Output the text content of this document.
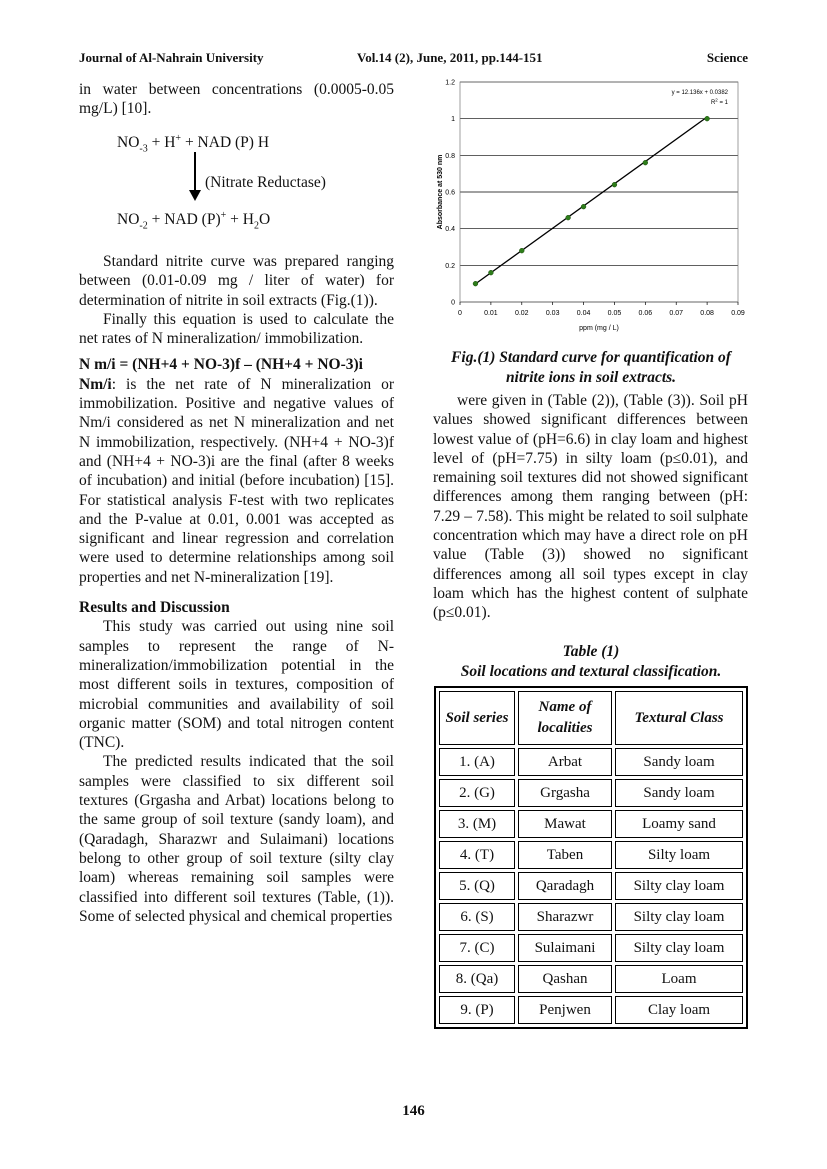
Journal of Al-Nahrain University	Vol.14 (2), June, 2011, pp.144-151	Science

in water between concentrations (0.0005-0.05 mg/L) [10].

$NO_{-3} + H^+$ + NAD (P) H
(Nitrate Reductase)
$NO_{-2}$ + NAD $(P)^+ + H_2O$

Standard nitrite curve was prepared ranging between (0.01-0.09 mg / liter of water) for determination of nitrite in soil extracts (Fig.(1)).

Finally this equation is used to calculate the net rates of N mineralization/ immobilization.

N m/i = (NH+4 + NO-3)f – (NH+4 + NO-3)i

Nm/i: is the net rate of N mineralization or immobilization. Positive and negative values of Nm/i considered as net N mineralization and net N immobilization, respectively. (NH+4 + NO-3)f and (NH+4 + NO-3)i are the final (after 8 weeks of incubation) and initial (before incubation) [15]. For statistical analysis F-test with two replicates and the P-value at 0.01, 0.001 was accepted as significant and linear regression and correlation were used to determine relationships among soil properties and net N-mineralization [19].

Results and Discussion

This study was carried out using nine soil samples to represent the range of N-mineralization/immobilization potential in the most different soils in textures, composition of microbial communities and availability of soil organic matter (SOM) and total nitrogen content (TNC).

The predicted results indicated that the soil samples were classified to six different soil textures (Grgasha and Arbat) locations belong to the same group of soil texture (sandy loam), and (Qaradagh, Sharazwr and Sulaimani) locations belong to other group of soil texture (silty clay loam) whereas remaining soil samples were classified into different soil textures (Table, (1)). Some of selected physical and chemical properties

0
0.2
0.4
0.6
0.8
1
1.2
0	0.01 0.02 0.03 0.04 0.05 0.06 0.07 0.08 0.09
ppm (mg / L)
Absorbance at 530 nm
y = 12.136x + 0.0382
$R^2 = 1$
Fig.(1) Standard curve for quantification of nitrite ions in soil extracts.

were given in (Table (2)), (Table (3)). Soil pH values showed significant differences between lowest value of (pH=6.6) in clay loam and highest level of (pH=7.75) in silty loam (p≤0.01), and remaining soil textures did not showed significant differences among them ranging between (pH: 7.29 – 7.58). This might be related to soil sulphate concentration which may have a direct role on pH value (Table (3)) showed no significant differences among all soil types except in clay loam which has the highest content of sulphate (p≤0.01).

Table (1)
Soil locations and textural classification.
Soil series	Name of localities	Textural Class
1. (A)	Arbat	Sandy loam
2. (G)	Grgasha	Sandy loam
3. (M)	Mawat	Loamy sand
4. (T)	Taben	Silty loam
5. (Q)	Qaradagh	Silty clay loam
6. (S)	Sharazwr	Silty clay loam
7. (C)	Sulaimani	Silty clay loam
8. (Qa)	Qashan	Loam
9. (P)	Penjwen	Clay loam
146
